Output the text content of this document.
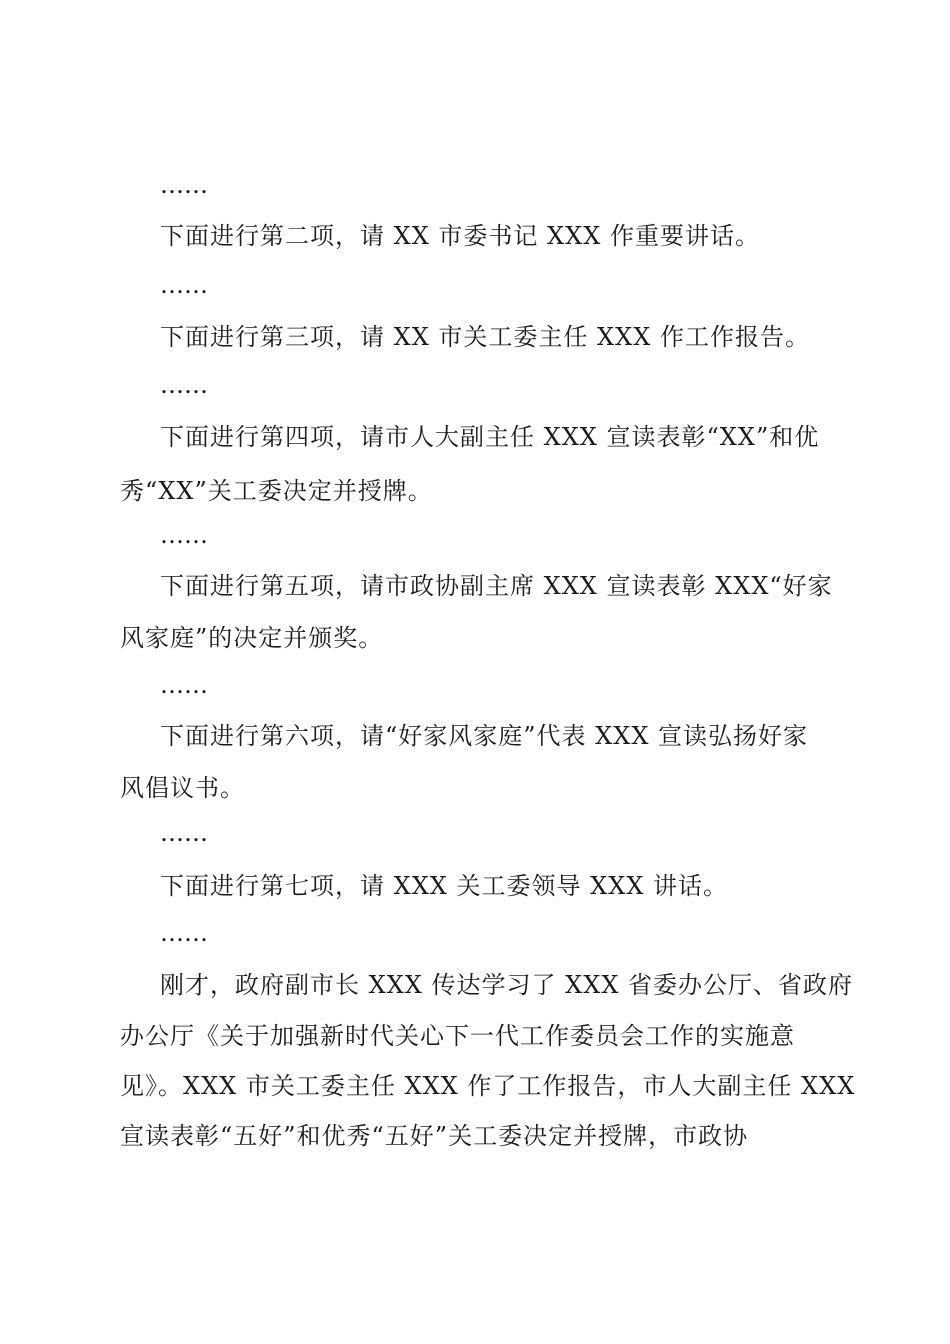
……
下面进行第二项，请 XX 市委书记 XXX 作重要讲话。
……
下面进行第三项，请 XX 市关工委主任 XXX 作工作报告。
……
下面进行第四项，请市人大副主任 XXX 宣读表彰“XX”和优
秀“XX”关工委决定并授牌。
……
下面进行第五项，请市政协副主席 XXX 宣读表彰 XXX“好家
风家庭”的决定并颁奖。
……
下面进行第六项，请“好家风家庭”代表 XXX 宣读弘扬好家
风倡议书。
……
下面进行第七项，请 XXX 关工委领导 XXX 讲话。
……
刚才，政府副市长 XXX 传达学习了 XXX 省委办公厅、省政府
办公厅《关于加强新时代关心下一代工作委员会工作的实施意
见》。XXX 市关工委主任 XXX 作了工作报告，市人大副主任 XXX
宣读表彰“五好”和优秀“五好”关工委决定并授牌，市政协
